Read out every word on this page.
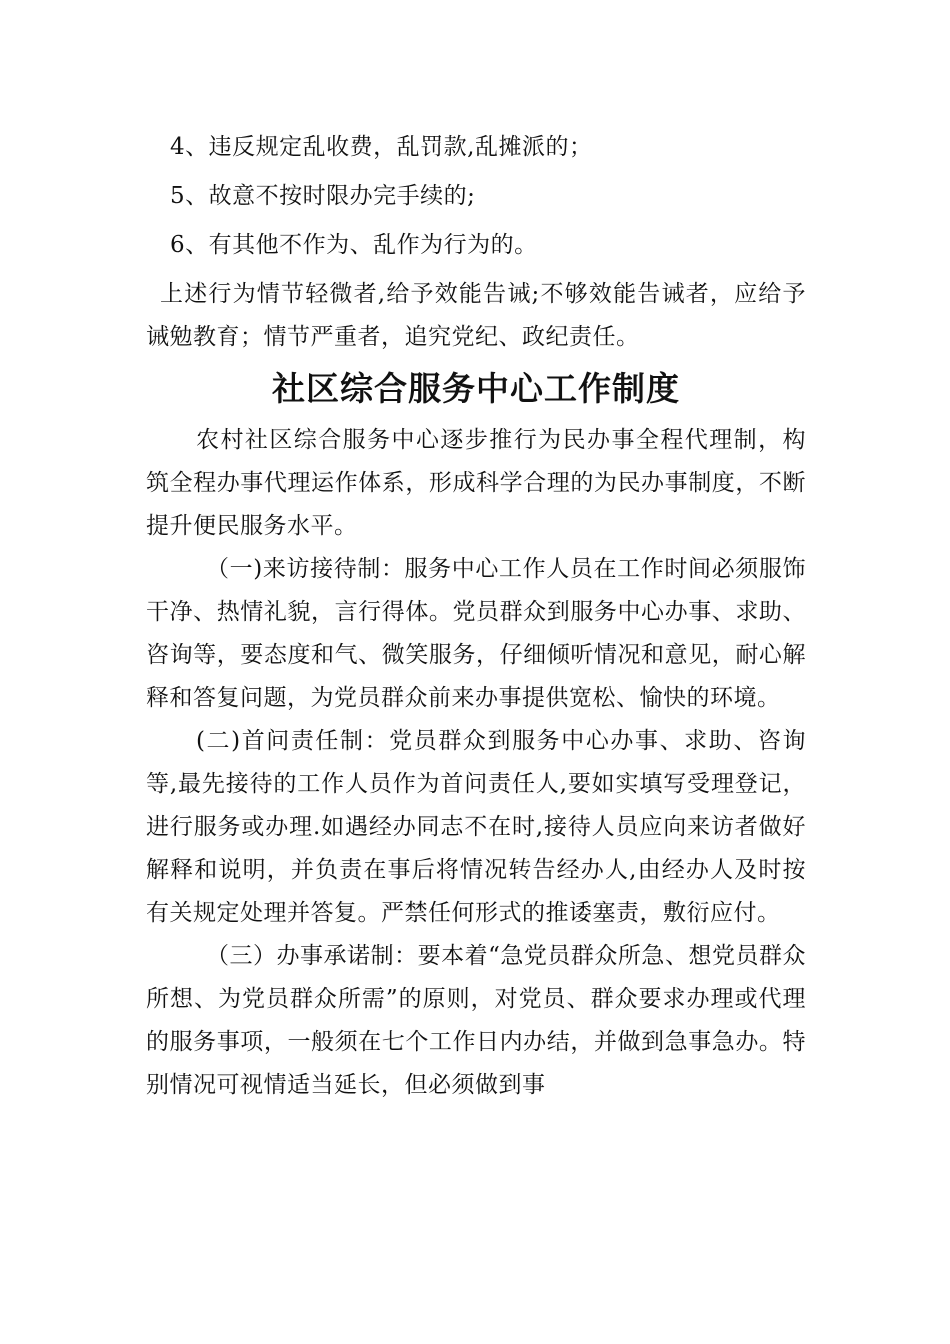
4、违反规定乱收费，乱罚款,乱摊派的；

5、故意不按时限办完手续的;

6、有其他不作为、乱作为行为的。

上述行为情节轻微者,给予效能告诫;不够效能告诫者，应给予诫勉教育；情节严重者，追究党纪、政纪责任。

社区综合服务中心工作制度

农村社区综合服务中心逐步推行为民办事全程代理制，构筑全程办事代理运作体系，形成科学合理的为民办事制度，不断提升便民服务水平。

（一)来访接待制：服务中心工作人员在工作时间必须服饰干净、热情礼貌，言行得体。党员群众到服务中心办事、求助、咨询等，要态度和气、微笑服务，仔细倾听情况和意见，耐心解释和答复问题，为党员群众前来办事提供宽松、愉快的环境。

(二)首问责任制：党员群众到服务中心办事、求助、咨询等,最先接待的工作人员作为首问责任人,要如实填写受理登记，进行服务或办理.如遇经办同志不在时,接待人员应向来访者做好解释和说明，并负责在事后将情况转告经办人,由经办人及时按有关规定处理并答复。严禁任何形式的推诿塞责，敷衍应付。

（三）办事承诺制：要本着“急党员群众所急、想党员群众所想、为党员群众所需”的原则，对党员、群众要求办理或代理的服务事项，一般须在七个工作日内办结，并做到急事急办。特别情况可视情适当延长，但必须做到事
